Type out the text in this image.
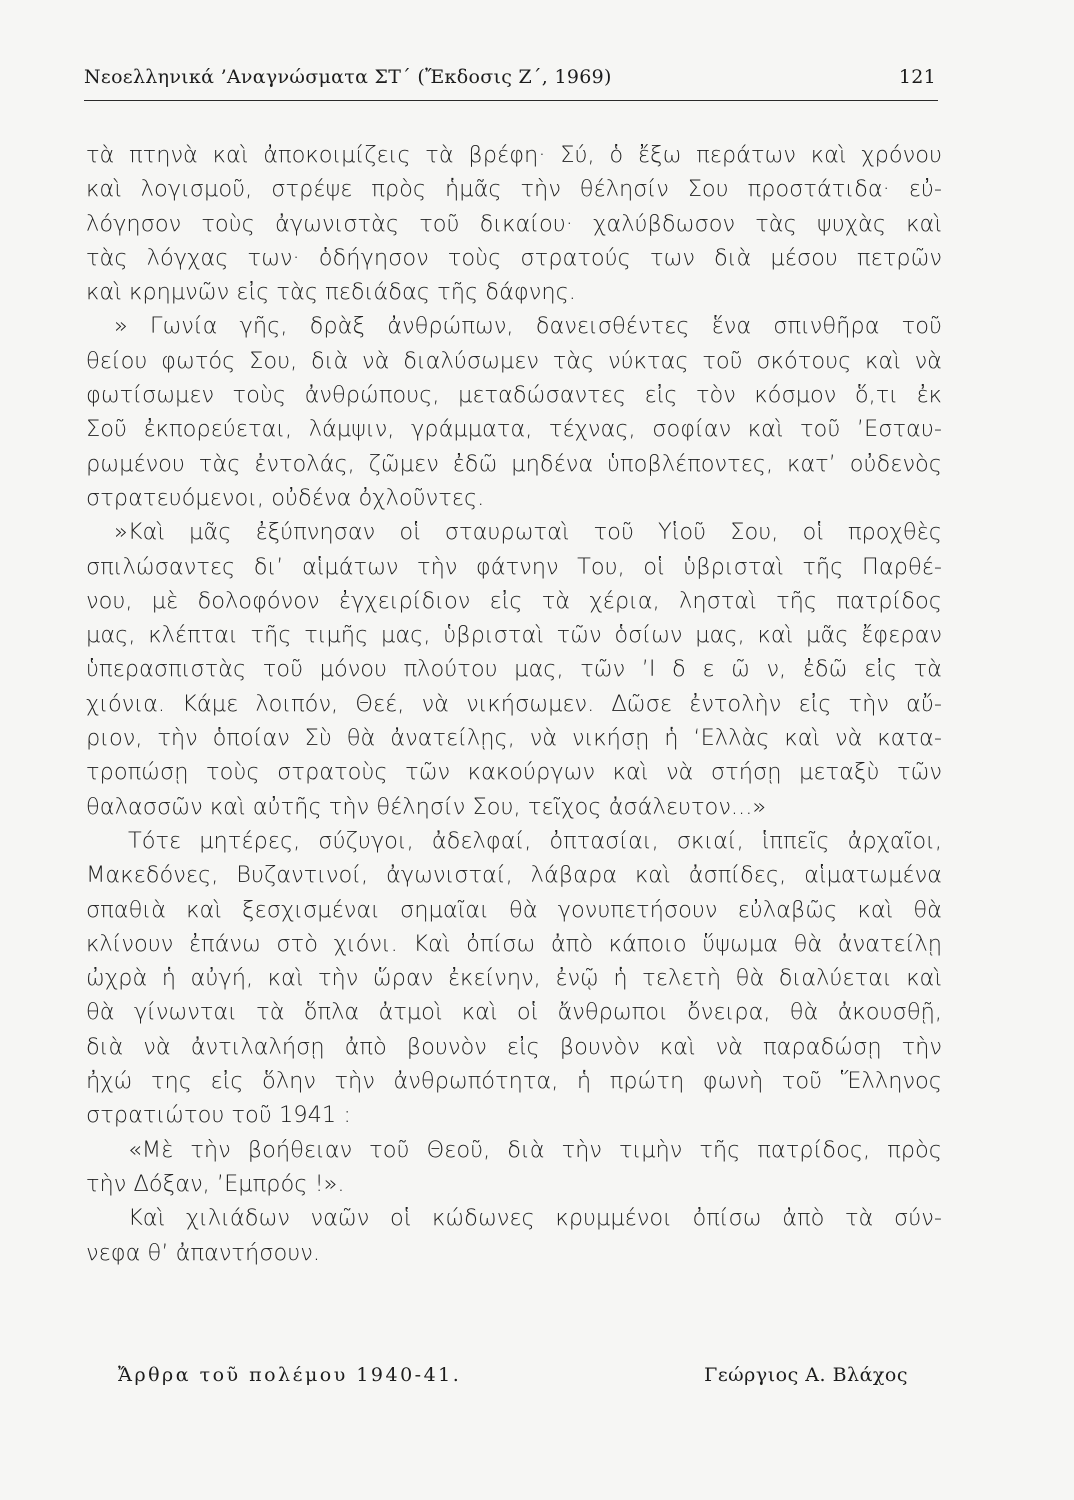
Νεοελληνικά ’Αναγνώσματα ΣΤ΄ (Ἔκδοσις Ζ΄, 1969)	121
τὰ πτηνὰ καὶ ἀποκοιμίζεις τὰ βρέφη· Σύ, ὁ ἔξω περάτων καὶ χρόνου
καὶ λογισμοῦ, στρέψε πρὸς ἡμᾶς τὴν θέλησίν Σου προστάτιδα· εὐ-
λόγησον τοὺς ἀγωνιστὰς τοῦ δικαίου· χαλύβδωσον τὰς ψυχὰς καὶ
τὰς λόγχας των· ὁδήγησον τοὺς στρατούς των διὰ μέσου πετρῶν
καὶ κρημνῶν εἰς τὰς πεδιάδας τῆς δάφνης.
» Γωνία γῆς, δρὰξ ἀνθρώπων, δανεισθέντες ἕνα σπινθῆρα τοῦ
θείου φωτός Σου, διὰ νὰ διαλύσωμεν τὰς νύκτας τοῦ σκότους καὶ νὰ
φωτίσωμεν τοὺς ἀνθρώπους, μεταδώσαντες εἰς τὸν κόσμον ὅ,τι ἐκ
Σοῦ ἐκπορεύεται, λάμψιν, γράμματα, τέχνας, σοφίαν καὶ τοῦ ’Εσταυ-
ρωμένου τὰς ἐντολάς, ζῶμεν ἐδῶ μηδένα ὑποβλέποντες, κατ’ οὐδενὸς
στρατευόμενοι, οὐδένα ὀχλοῦντες.
»Καὶ μᾶς ἐξύπνησαν οἱ σταυρωταὶ τοῦ Υἱοῦ Σου, οἱ προχθὲς
σπιλώσαντες δι’ αἱμάτων τὴν φάτνην Του, οἱ ὑβρισταὶ τῆς Παρθέ-
νου, μὲ δολοφόνον ἐγχειρίδιον εἰς τὰ χέρια, λησταὶ τῆς πατρίδος
μας, κλέπται τῆς τιμῆς μας, ὑβρισταὶ τῶν ὁσίων μας, καὶ μᾶς ἔφεραν
ὑπερασπιστὰς τοῦ μόνου πλούτου μας, τῶν ’Ι δ ε ῶ ν, ἐδῶ εἰς τὰ
χιόνια. Κάμε λοιπόν, Θεέ, νὰ νικήσωμεν. Δῶσε ἐντολὴν εἰς τὴν αὔ-
ριον, τὴν ὁποίαν Σὺ θὰ ἀνατείλῃς, νὰ νικήσῃ ἡ ‘Ελλὰς καὶ νὰ κατα-
τροπώσῃ τοὺς στρατοὺς τῶν κακούργων καὶ νὰ στήσῃ μεταξὺ τῶν
θαλασσῶν καὶ αὐτῆς τὴν θέλησίν Σου, τεῖχος ἀσάλευτον...»
Τότε μητέρες, σύζυγοι, ἀδελφαί, ὀπτασίαι, σκιαί, ἱππεῖς ἀρχαῖοι,
Μακεδόνες, Βυζαντινοί, ἀγωνισταί, λάβαρα καὶ ἀσπίδες, αἱματωμένα
σπαθιὰ καὶ ξεσχισμέναι σημαῖαι θὰ γονυπετήσουν εὐλαβῶς καὶ θὰ
κλίνουν ἐπάνω στὸ χιόνι. Καὶ ὀπίσω ἀπὸ κάποιο ὕψωμα θὰ ἀνατείλῃ
ὠχρὰ ἡ αὐγή, καὶ τὴν ὥραν ἐκείνην, ἐνῷ ἡ τελετὴ θὰ διαλύεται καὶ
θὰ γίνωνται τὰ ὅπλα ἀτμοὶ καὶ οἱ ἄνθρωποι ὄνειρα, θὰ ἀκουσθῇ,
διὰ νὰ ἀντιλαλήσῃ ἀπὸ βουνὸν εἰς βουνὸν καὶ νὰ παραδώσῃ τὴν
ἠχώ της εἰς ὅλην τὴν ἀνθρωπότητα, ἡ πρώτη φωνὴ τοῦ Ἕλληνος
στρατιώτου τοῦ 1941 :
«Μὲ τὴν βοήθειαν τοῦ Θεοῦ, διὰ τὴν τιμὴν τῆς πατρίδος, πρὸς
τὴν Δόξαν, ’Εμπρός !».
Καὶ χιλιάδων ναῶν οἱ κώδωνες κρυμμένοι ὀπίσω ἀπὸ τὰ σύν-
νεφα θ’ ἀπαντήσουν.
Ἄρθρα τοῦ πολέμου 1940-41.	Γεώργιος Α. Βλάχος
